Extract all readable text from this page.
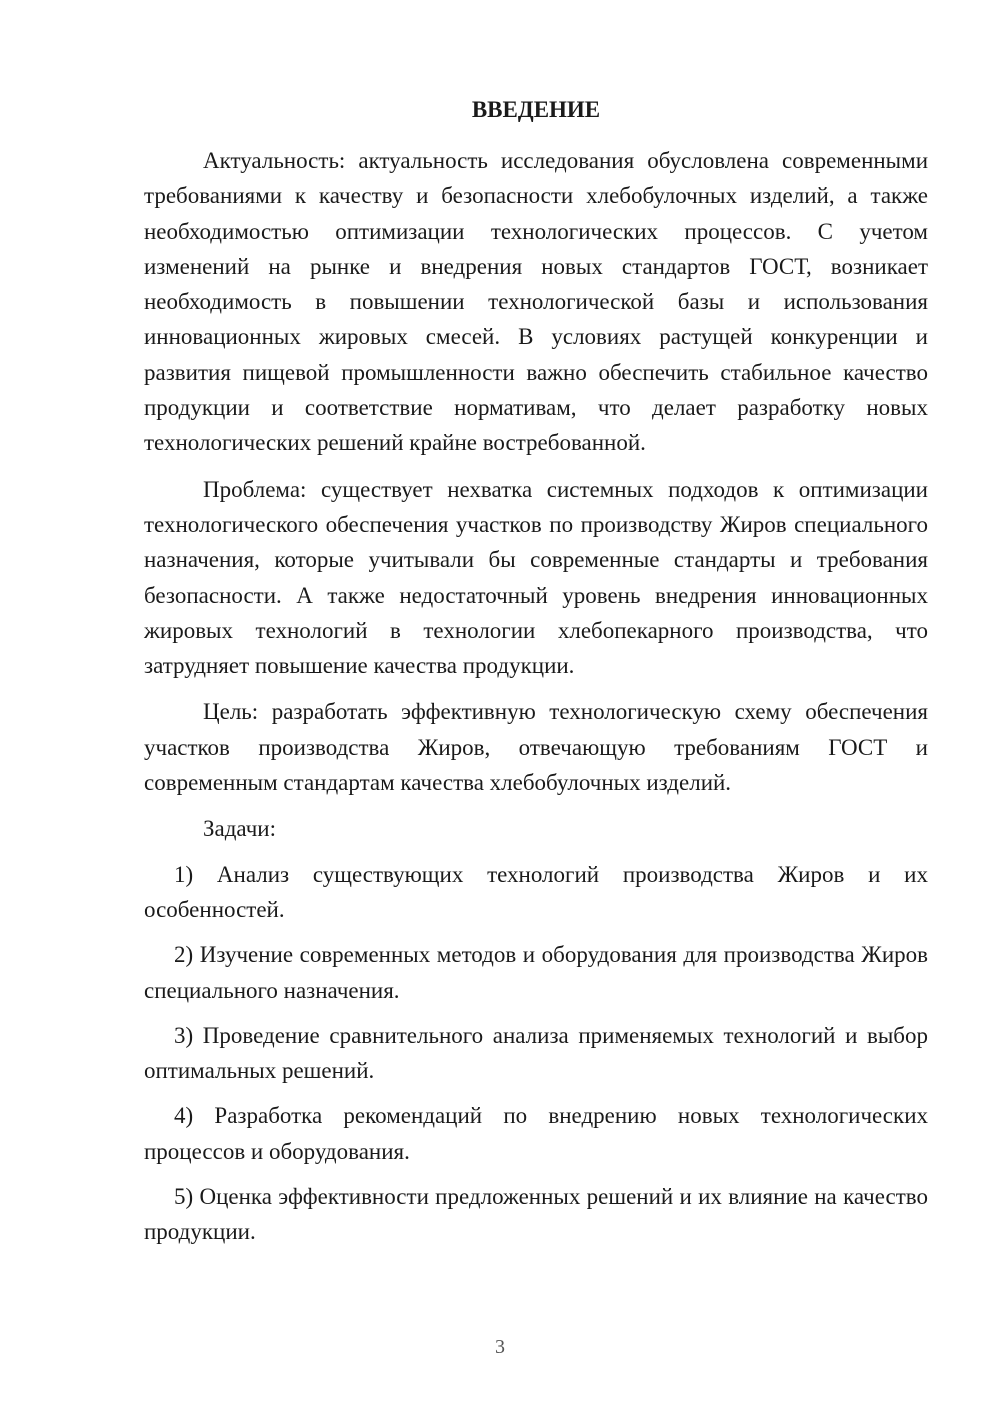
ВВЕДЕНИЕ

Актуальность: актуальность исследования обусловлена современными требованиями к качеству и безопасности хлебобулочных изделий, а также необходимостью оптимизации технологических процессов. С учетом изменений на рынке и внедрения новых стандартов ГОСТ, возникает необходимость в повышении технологической базы и использования инновационных жировых смесей. В условиях растущей конкуренции и развития пищевой промышленности важно обеспечить стабильное качество продукции и соответствие нормативам, что делает разработку новых технологических решений крайне востребованной.

Проблема: существует нехватка системных подходов к оптимизации технологического обеспечения участков по производству Жиров специального назначения, которые учитывали бы современные стандарты и требования безопасности. А также недостаточный уровень внедрения инновационных жировых технологий в технологии хлебопекарного производства, что затрудняет повышение качества продукции.

Цель: разработать эффективную технологическую схему обеспечения участков производства Жиров, отвечающую требованиям ГОСТ и современным стандартам качества хлебобулочных изделий.

Задачи:

1) Анализ существующих технологий производства Жиров и их особенностей.

2) Изучение современных методов и оборудования для производства Жиров специального назначения.

3) Проведение сравнительного анализа применяемых технологий и выбор оптимальных решений.

4) Разработка рекомендаций по внедрению новых технологических процессов и оборудования.

5) Оценка эффективности предложенных решений и их влияние на качество продукции.

3
